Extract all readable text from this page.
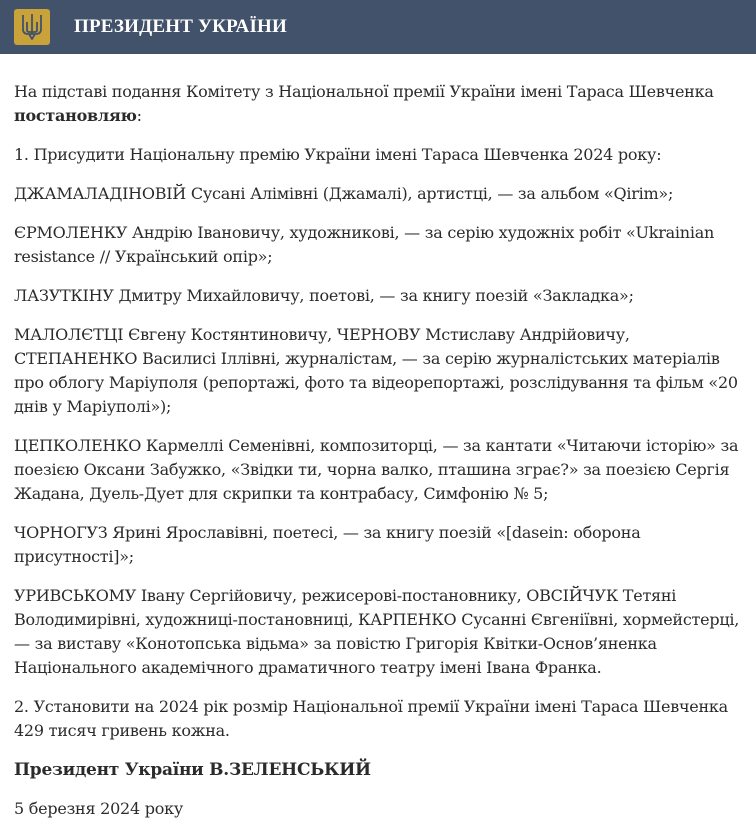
ПРЕЗИДЕНТ УКРАЇНИ

На підставі подання Комітету з Національної премії України імені Тараса Шевченка постановляю:

1. Присудити Національну премію України імені Тараса Шевченка 2024 року:

ДЖАМАЛАДІНОВІЙ Сусані Алімівні (Джамалі), артистці, — за альбом «Qirim»;

ЄРМОЛЕНКУ Андрію Івановичу, художникові, — за серію художніх робіт «Ukrainian resistance // Український опір»;

ЛАЗУТКІНУ Дмитру Михайловичу, поетові, — за книгу поезій «Закладка»;

МАЛОЛЄТЦІ Євгену Костянтиновичу, ЧЕРНОВУ Мстиславу Андрійовичу, СТЕПАНЕНКО Василисі Іллівні, журналістам, — за серію журналістських матеріалів про облогу Маріуполя (репортажі, фото та відеорепортажі, розслідування та фільм «20 днів у Маріуполі»);

ЦЕПКОЛЕНКО Кармеллі Семенівні, композиторці, — за кантати «Читаючи історію» за поезією Оксани Забужко, «Звідки ти, чорна валко, пташина зграє?» за поезією Сергія Жадана, Дуель-Дует для скрипки та контрабасу, Симфонію № 5;

ЧОРНОГУЗ Ярині Ярославівні, поетесі, — за книгу поезій «[dasein: оборона присутності]»;

УРИВСЬКОМУ Івану Сергійовичу, режисерові-постановнику, ОВСІЙЧУК Тетяні Володимирівні, художниці-постановниці, КАРПЕНКО Сусанні Євгеніївні, хормейстерці, — за виставу «Конотопська відьма» за повістю Григорія Квітки-Основ’яненка Національного академічного драматичного театру імені Івана Франка.

2. Установити на 2024 рік розмір Національної премії України імені Тараса Шевченка 429 тисяч гривень кожна.

Президент України В.ЗЕЛЕНСЬКИЙ

5 березня 2024 року
